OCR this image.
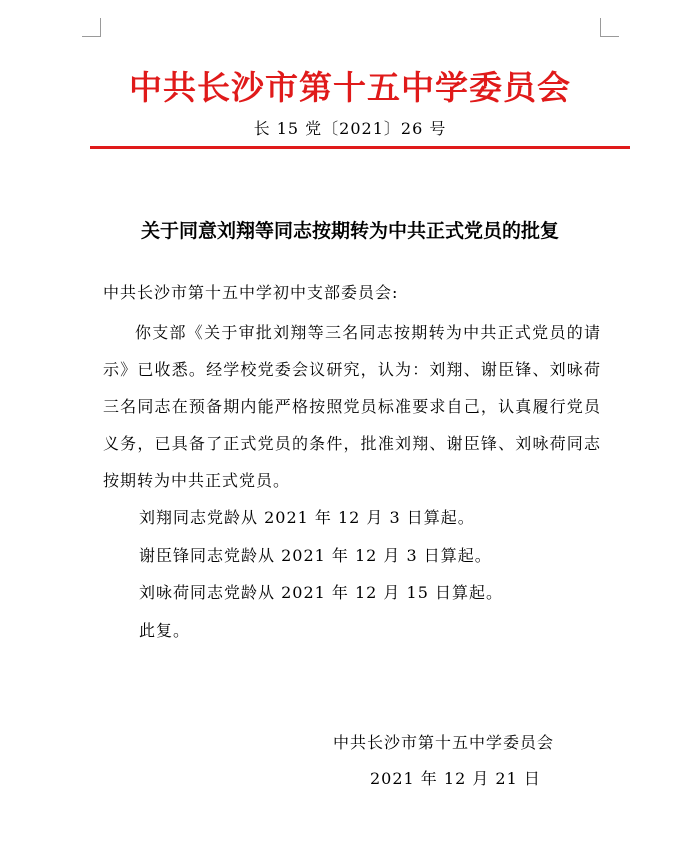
中共长沙市第十五中学委员会
长 15 党〔2021〕26 号
关于同意刘翔等同志按期转为中共正式党员的批复
中共长沙市第十五中学初中支部委员会:
你支部《关于审批刘翔等三名同志按期转为中共正式党员的请示》已收悉。经学校党委会议研究，认为：刘翔、谢臣锋、刘咏荷三名同志在预备期内能严格按照党员标准要求自己，认真履行党员义务，已具备了正式党员的条件，批准刘翔、谢臣锋、刘咏荷同志按期转为中共正式党员。
刘翔同志党龄从 2021 年 12 月 3 日算起。
谢臣锋同志党龄从 2021 年 12 月 3 日算起。
刘咏荷同志党龄从 2021 年 12 月 15 日算起。
此复。
中共长沙市第十五中学委员会
2021 年 12 月 21 日
